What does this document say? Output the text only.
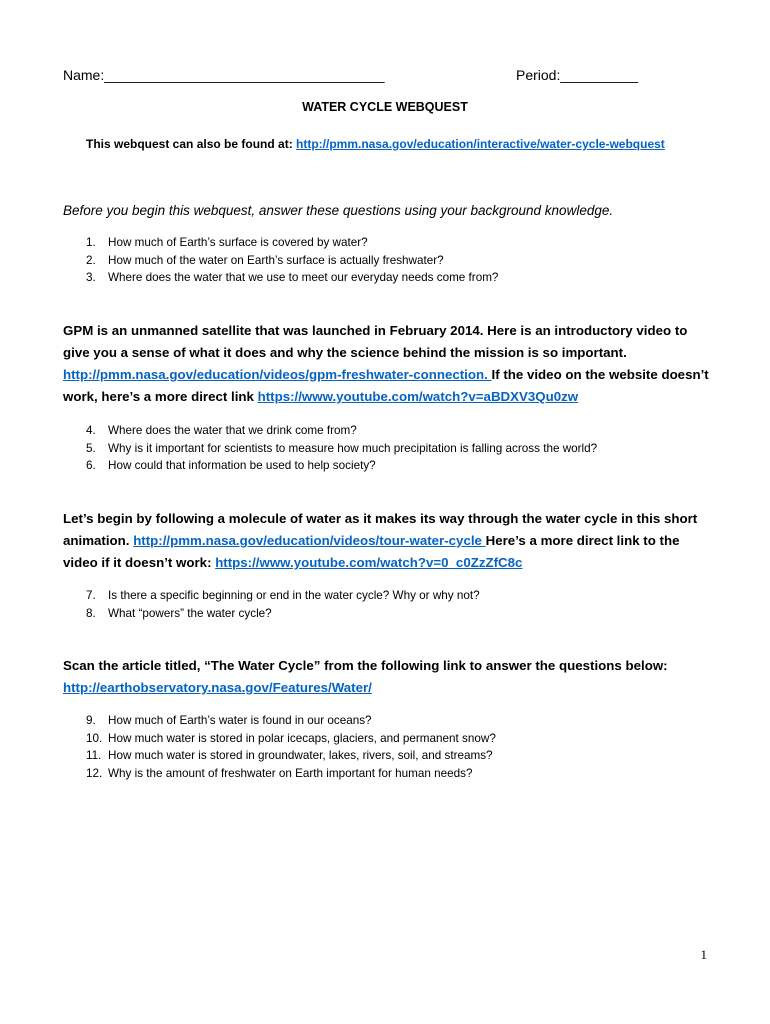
Name:____________________________________	Period:__________
WATER CYCLE WEBQUEST
This webquest can also be found at: http://pmm.nasa.gov/education/interactive/water-cycle-webquest
Before you begin this webquest, answer these questions using your background knowledge.
1. How much of Earth’s surface is covered by water?
2. How much of the water on Earth’s surface is actually freshwater?
3. Where does the water that we use to meet our everyday needs come from?
GPM is an unmanned satellite that was launched in February 2014. Here is an introductory video to give you a sense of what it does and why the science behind the mission is so important. http://pmm.nasa.gov/education/videos/gpm-freshwater-connection. If the video on the website doesn’t work, here’s a more direct link https://www.youtube.com/watch?v=aBDXV3Qu0zw
4. Where does the water that we drink come from?
5. Why is it important for scientists to measure how much precipitation is falling across the world?
6. How could that information be used to help society?
Let’s begin by following a molecule of water as it makes its way through the water cycle in this short animation. http://pmm.nasa.gov/education/videos/tour-water-cycle Here’s a more direct link to the video if it doesn’t work: https://www.youtube.com/watch?v=0_c0ZzZfC8c
7. Is there a specific beginning or end in the water cycle? Why or why not?
8. What “powers” the water cycle?
Scan the article titled, “The Water Cycle” from the following link to answer the questions below: http://earthobservatory.nasa.gov/Features/Water/
9. How much of Earth’s water is found in our oceans?
10. How much water is stored in polar icecaps, glaciers, and permanent snow?
11. How much water is stored in groundwater, lakes, rivers, soil, and streams?
12. Why is the amount of freshwater on Earth important for human needs?
1
